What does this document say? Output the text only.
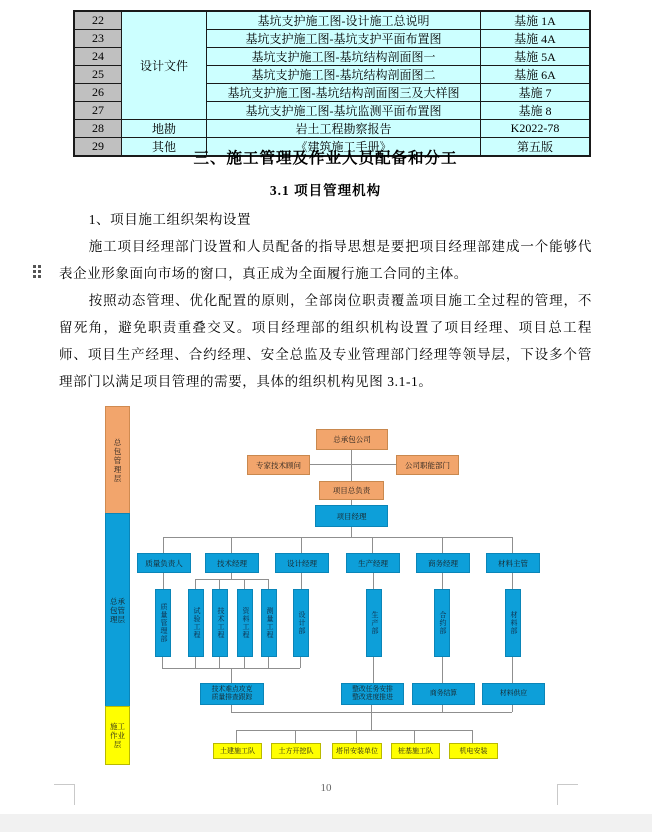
22	设计文件	基坑支护施工图-设计施工总说明	基施 1A
23		基坑支护施工图-基坑支护平面布置图	基施 4A
24		基坑支护施工图-基坑结构剖面图一	基施 5A
25		基坑支护施工图-基坑结构剖面图二	基施 6A
26		基坑支护施工图-基坑结构剖面图三及大样图	基施 7
27		基坑支护施工图-基坑监测平面布置图	基施 8
28	地勘	岩土工程勘察报告	K2022-78
29	其他	《建筑施工手册》	第五版
三、施工管理及作业人员配备和分工
3.1 项目管理机构

1、项目施工组织架构设置

施工项目经理部门设置和人员配备的指导思想是要把项目经理部建成一个能够代表企业形象面向市场的窗口，真正成为全面履行施工合同的主体。

按照动态管理、优化配置的原则，全部岗位职责覆盖项目施工全过程的管理，不留死角，避免职责重叠交叉。项目经理部的组织机构设置了项目经理、项目总工程师、项目生产经理、合约经理、安全总监及专业管理部门经理等领导层，下设多个管理部门以满足项目管理的需要，具体的组织机构见图 3.1-1。

总包管理层
总承包管理层
施工作业层
总承包公司
专家技术顾问	公司职能部门
项目总负责
项目经理
质量负责人	技术经理	设计经理	生产经理	商务经理	材料主管
质量管理部	试验工程	技术工程	资料工程	测量工程	设计部	生产部	合约部	材料部
技术难点攻克
质量排查跟踪
整改任务安排
整改进度推进
商务结算	材料供应
土建施工队	土方开挖队	塔吊安装单位	桩基施工队	机电安装
10
